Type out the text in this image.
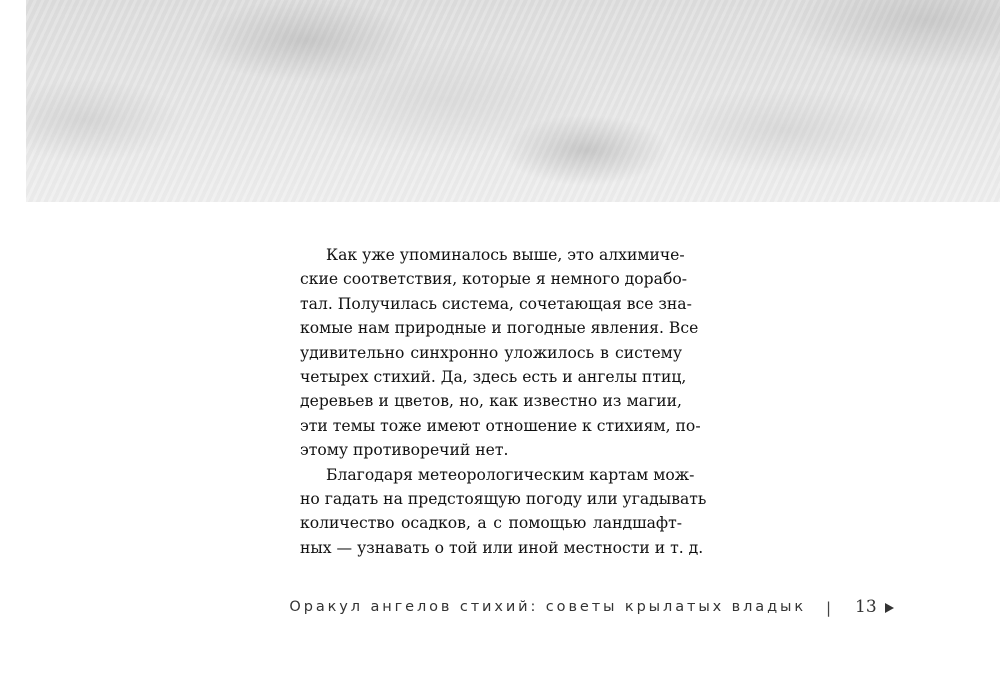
Как уже упоминалось выше, это алхимиче-
ские соответствия, которые я немного дорабо-
тал. Получилась система, сочетающая все зна-
комые нам природные и погодные явления. Все
удивительно синхронно уложилось в систему
четырех стихий. Да, здесь есть и ангелы птиц,
деревьев и цветов, но, как известно из магии,
эти темы тоже имеют отношение к стихиям, по-
этому противоречий нет.
Благодаря метеорологическим картам мож-
но гадать на предстоящую погоду или угадывать
количество осадков, а с помощью ландшафт-
ных — узнавать о той или иной местности и т. д.
Оракул ангелов стихий: советы крылатых владык | 13
